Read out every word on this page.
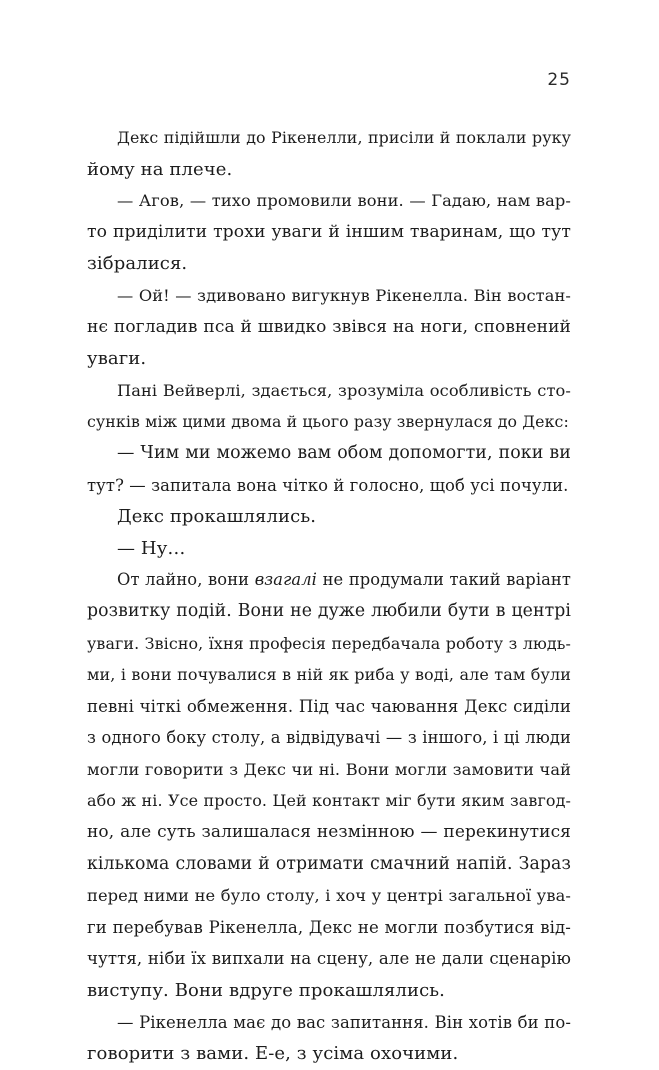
25
Декс підійшли до Рікенелли, присіли й поклали руку
йому на плече.
— Агов, — тихо промовили вони. — Гадаю, нам вар-
то приділити трохи уваги й іншим тваринам, що тут
зібралися.
— Ой! — здивовано вигукнув Рікенелла. Він востан-
нє погладив пса й швидко звівся на ноги, сповнений
уваги.
Пані Вейверлі, здається, зрозуміла особливість сто-
сунків між цими двома й цього разу звернулася до Декс:
— Чим ми можемо вам обом допомогти, поки ви
тут? — запитала вона чітко й голосно, щоб усі почули.
Декс прокашлялись.
— Ну…
От лайно, вони взагалі не продумали такий варіант
розвитку подій. Вони не дуже любили бути в центрі
уваги. Звісно, їхня професія передбачала роботу з людь-
ми, і вони почувалися в ній як риба у воді, але там були
певні чіткі обмеження. Під час чаювання Декс сиділи
з одного боку столу, а відвідувачі — з іншого, і ці люди
могли говорити з Декс чи ні. Вони могли замовити чай
або ж ні. Усе просто. Цей контакт міг бути яким завгод-
но, але суть залишалася незмінною — перекинутися
кількома словами й отримати смачний напій. Зараз
перед ними не було столу, і хоч у центрі загальної ува-
ги перебував Рікенелла, Декс не могли позбутися від-
чуття, ніби їх випхали на сцену, але не дали сценарію
виступу. Вони вдруге прокашлялись.
— Рікенелла має до вас запитання. Він хотів би по-
говорити з вами. Е-е, з усіма охочими.
